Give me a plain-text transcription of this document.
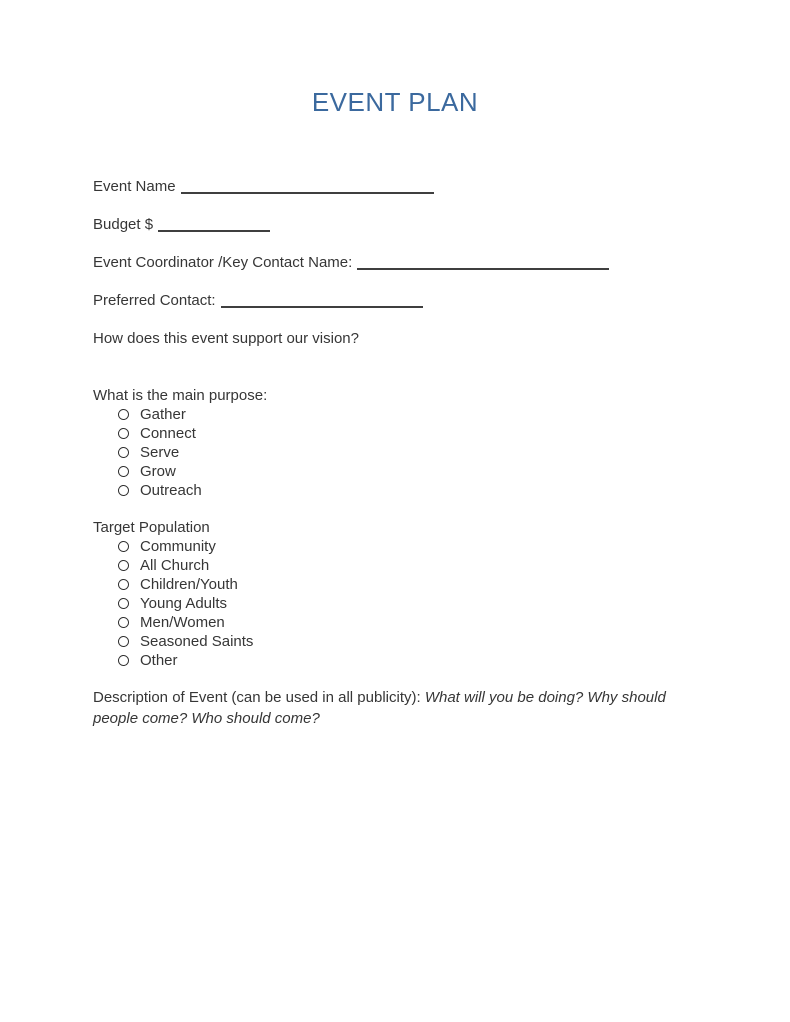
EVENT PLAN
Event Name
Budget $
Event Coordinator /Key Contact Name:
Preferred Contact:
How does this event support our vision?

What is the main purpose:

Gather
Connect
Serve
Grow
Outreach

Target Population

Community
All Church
Children/Youth
Young Adults
Men/Women
Seasoned Saints
Other

Description of Event (can be used in all publicity): What will you be doing? Why should
people come? Who should come?
